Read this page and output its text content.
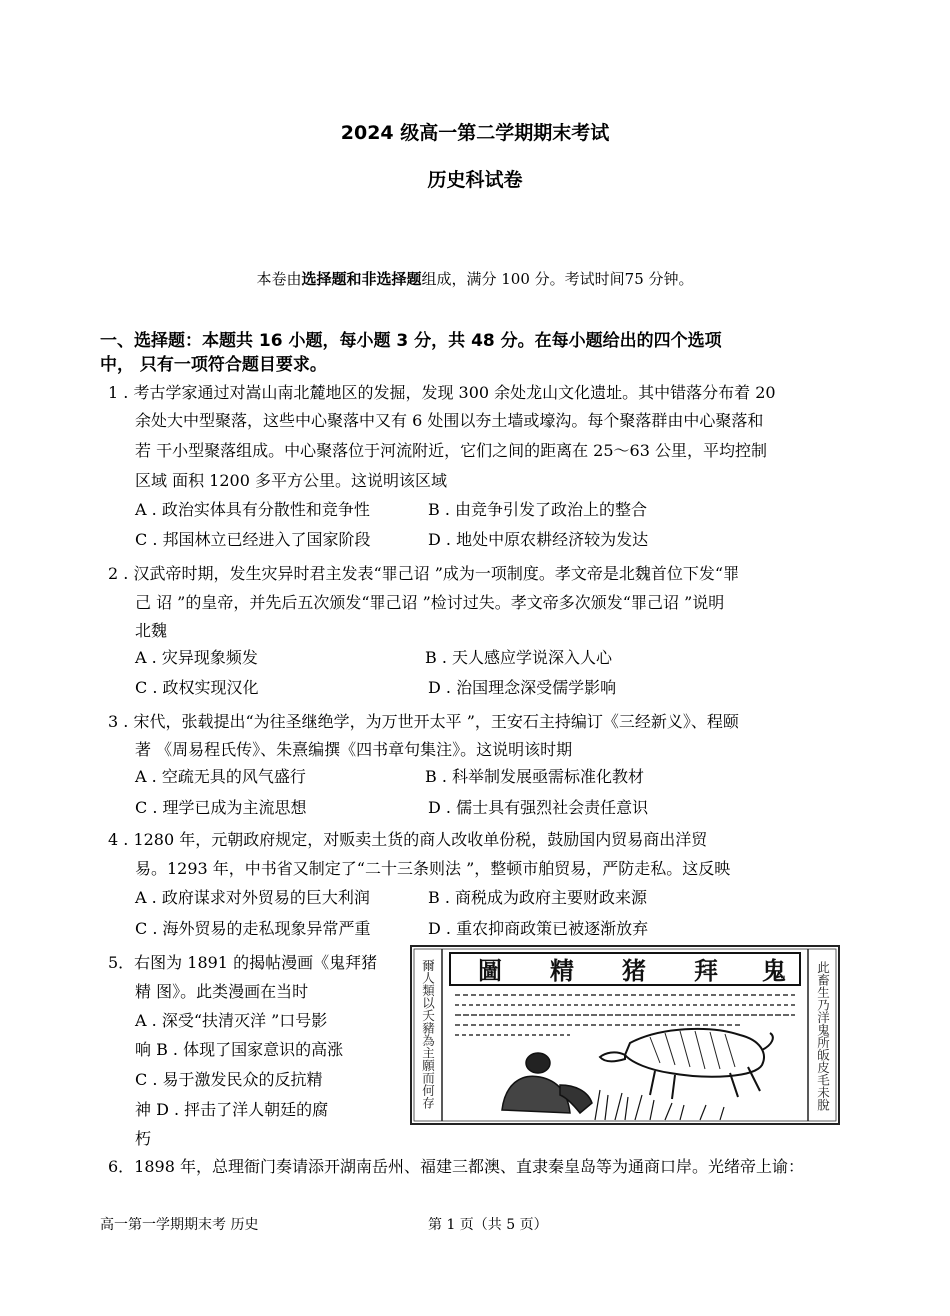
2024 级高一第二学期期末考试
历史科试卷
本卷由选择题和非选择题组成，满分 100 分。考试时间75 分钟。
一、选择题：本题共 16 小题，每小题 3 分，共 48 分。在每小题给出的四个选项
中， 只有一项符合题目要求。
1 . 考古学家通过对嵩山南北麓地区的发掘，发现 300 余处龙山文化遗址。其中错落分布着 20
余处大中型聚落，这些中心聚落中又有 6 处围以夯土墙或壕沟。每个聚落群由中心聚落和
若 干小型聚落组成。中心聚落位于河流附近，它们之间的距离在 25～63 公里，平均控制
区域 面积 1200 多平方公里。这说明该区域
A . 政治实体具有分散性和竞争性	B . 由竞争引发了政治上的整合
C . 邦国林立已经进入了国家阶段	D . 地处中原农耕经济较为发达
2 . 汉武帝时期，发生灾异时君主发表“罪己诏 ”成为一项制度。孝文帝是北魏首位下发“罪
己 诏 ”的皇帝，并先后五次颁发“罪己诏 ”检讨过失。孝文帝多次颁发“罪己诏 ”说明
北魏
A . 灾异现象频发	B . 天人感应学说深入人心
C . 政权实现汉化	D . 治国理念深受儒学影响
3 . 宋代，张载提出“为往圣继绝学，为万世开太平 ”，王安石主持编订《三经新义》、程颐
著 《周易程氏传》、朱熹编撰《四书章句集注》。这说明该时期
A . 空疏无具的风气盛行	B . 科举制发展亟需标准化教材
C . 理学已成为主流思想	D . 儒士具有强烈社会责任意识
4 . 1280 年，元朝政府规定，对贩卖土货的商人改收单份税，鼓励国内贸易商出洋贸
易。1293 年，中书省又制定了“二十三条则法 ”，整顿市舶贸易，严防走私。这反映
A . 政府谋求对外贸易的巨大利润	B . 商税成为政府主要财政来源
C . 海外贸易的走私现象异常严重	D . 重农抑商政策已被逐渐放弃
5．右图为 1891 的揭帖漫画《鬼拜猪
精 图》。此类漫画在当时
A . 深受“扶清灭洋 ”口号影
响 B . 体现了国家意识的高涨
C . 易于激发民众的反抗精
神 D . 抨击了洋人朝廷的腐
朽
圖 精 猪 拜 鬼
爾人類以夭豬為主願而何存	此畜生乃洋鬼所皈皮毛未脫
6．1898 年，总理衙门奏请添开湖南岳州、福建三都澳、直隶秦皇岛等为通商口岸。光绪帝上谕：
高一第一学期期末考 历史	第 1 页（共 5 页）
